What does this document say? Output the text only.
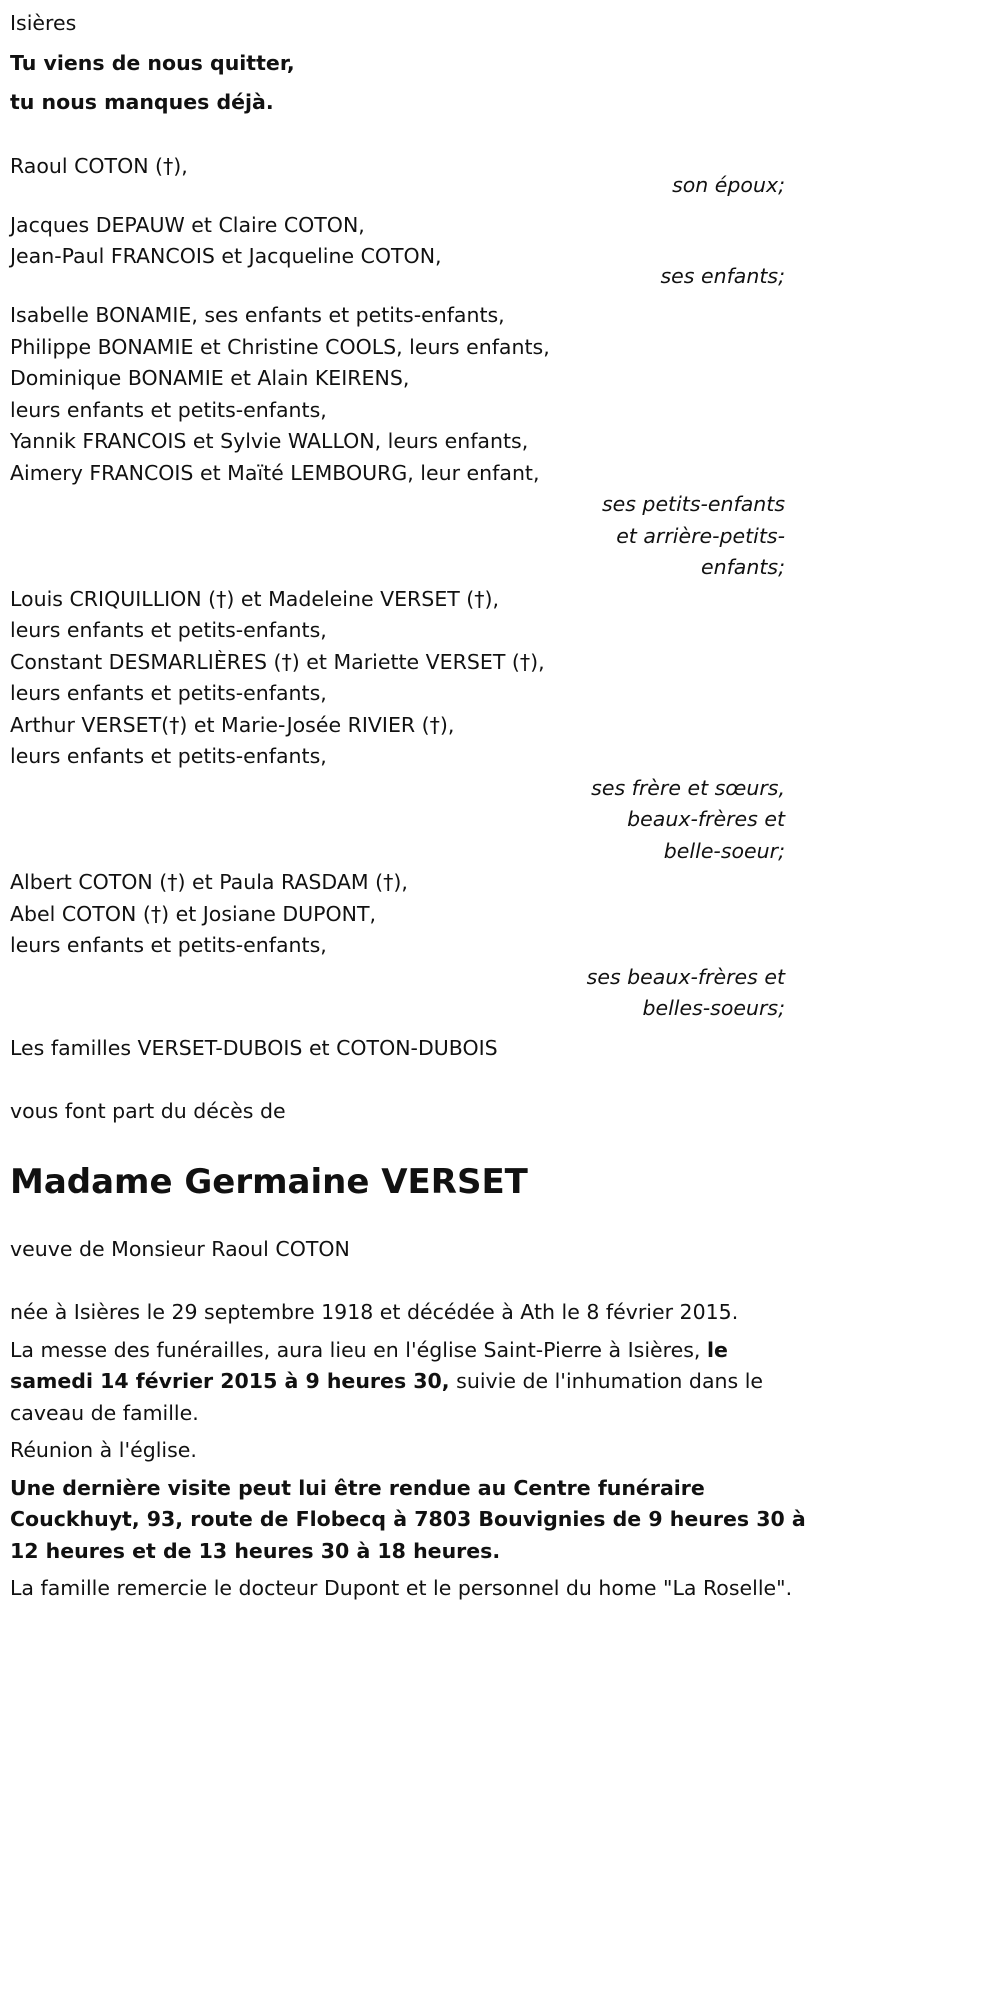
Isières
Tu viens de nous quitter,
tu nous manques déjà.
Raoul COTON (†),
son époux;
Jacques DEPAUW et Claire COTON,
Jean-Paul FRANCOIS et Jacqueline COTON,
ses enfants;
Isabelle BONAMIE, ses enfants et petits-enfants,
Philippe BONAMIE et Christine COOLS, leurs enfants,
Dominique BONAMIE et Alain KEIRENS,
leurs enfants et petits-enfants,
Yannik FRANCOIS et Sylvie WALLON, leurs enfants,
Aimery FRANCOIS et Maïté LEMBOURG, leur enfant,
ses petits-enfants
et arrière-petits-
enfants;
Louis CRIQUILLION (†) et Madeleine VERSET (†),
leurs enfants et petits-enfants,
Constant DESMARLIÈRES (†) et Mariette VERSET (†),
leurs enfants et petits-enfants,
Arthur VERSET(†) et Marie-Josée RIVIER (†),
leurs enfants et petits-enfants,
ses frère et sœurs,
beaux-frères et
belle-soeur;
Albert COTON (†) et Paula RASDAM (†),
Abel COTON (†) et Josiane DUPONT,
leurs enfants et petits-enfants,
ses beaux-frères et
belles-soeurs;
Les familles VERSET-DUBOIS et COTON-DUBOIS
vous font part du décès de
Madame Germaine VERSET
veuve de Monsieur Raoul COTON
née à Isières le 29 septembre 1918 et décédée à Ath le 8 février 2015.
La messe des funérailles, aura lieu en l'église Saint-Pierre à Isières, le samedi 14 février 2015 à 9 heures 30, suivie de l'inhumation dans le caveau de famille.
Réunion à l'église.
Une dernière visite peut lui être rendue au Centre funéraire Couckhuyt, 93, route de Flobecq à 7803 Bouvignies de 9 heures 30 à 12 heures et de 13 heures 30 à 18 heures.
La famille remercie le docteur Dupont et le personnel du home "La Roselle".
